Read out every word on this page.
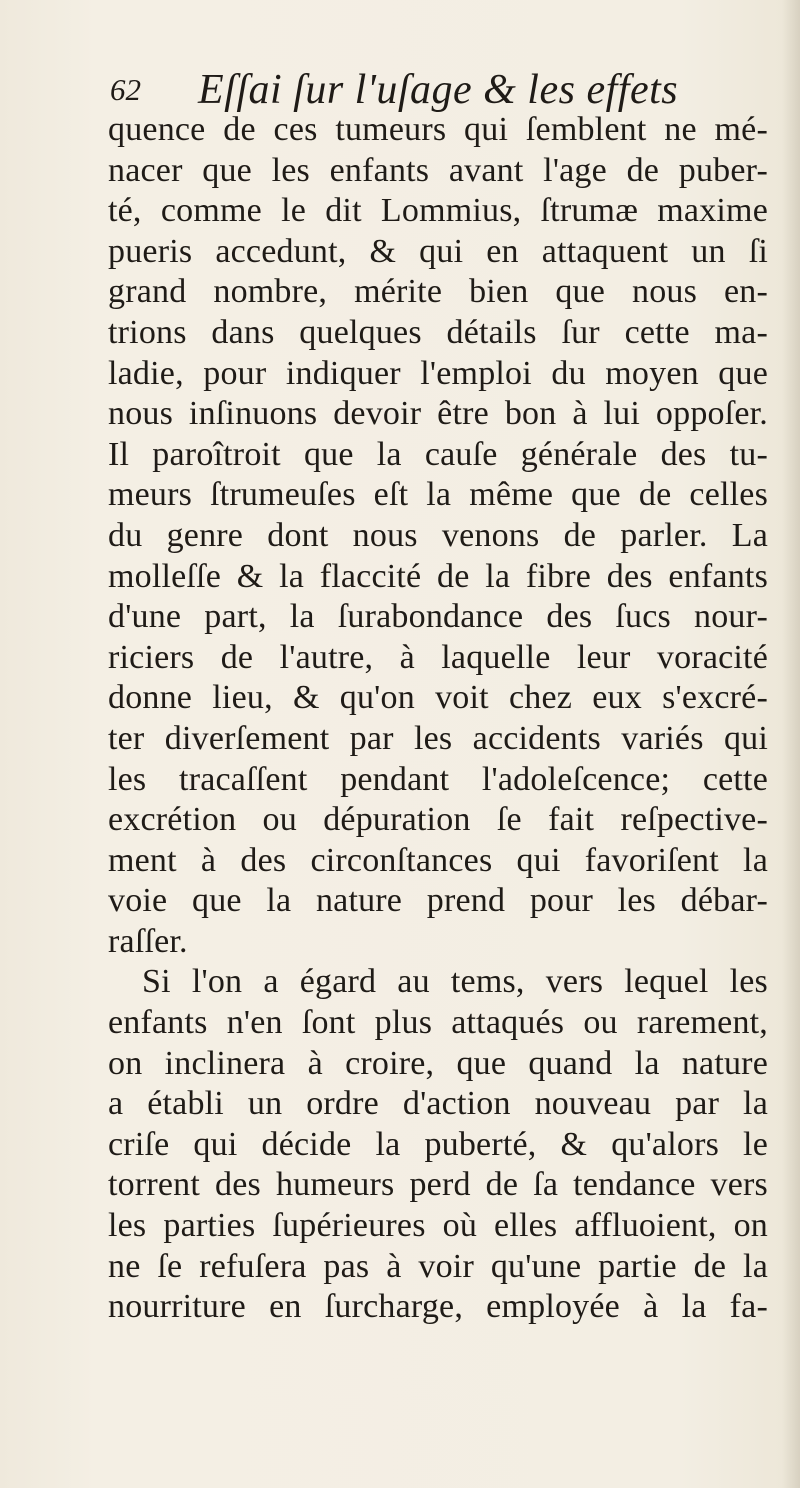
62 Eſſai ſur l'uſage & les effets
quence de ces tumeurs qui ſemblent ne mé-
nacer que les enfants avant l'age de puber-
té, comme le dit Lommius, ſtrumæ maxime
pueris accedunt, & qui en attaquent un ſi
grand nombre, mérite bien que nous en-
trions dans quelques détails ſur cette ma-
ladie, pour indiquer l'emploi du moyen que
nous inſinuons devoir être bon à lui oppoſer.
Il paroîtroit que la cauſe générale des tu-
meurs ſtrumeuſes eſt la même que de celles
du genre dont nous venons de parler. La
molleſſe & la flaccité de la fibre des enfants
d'une part, la ſurabondance des ſucs nour-
riciers de l'autre, à laquelle leur voracité
donne lieu, & qu'on voit chez eux s'excré-
ter diverſement par les accidents variés qui
les tracaſſent pendant l'adoleſcence; cette
excrétion ou dépuration ſe fait reſpective-
ment à des circonſtances qui favoriſent la
voie que la nature prend pour les débar-
raſſer.
Si l'on a égard au tems, vers lequel les
enfants n'en ſont plus attaqués ou rarement,
on inclinera à croire, que quand la nature
a établi un ordre d'action nouveau par la
criſe qui décide la puberté, & qu'alors le
torrent des humeurs perd de ſa tendance vers
les parties ſupérieures où elles affluoient, on
ne ſe refuſera pas à voir qu'une partie de la
nourriture en ſurcharge, employée à la fa-
